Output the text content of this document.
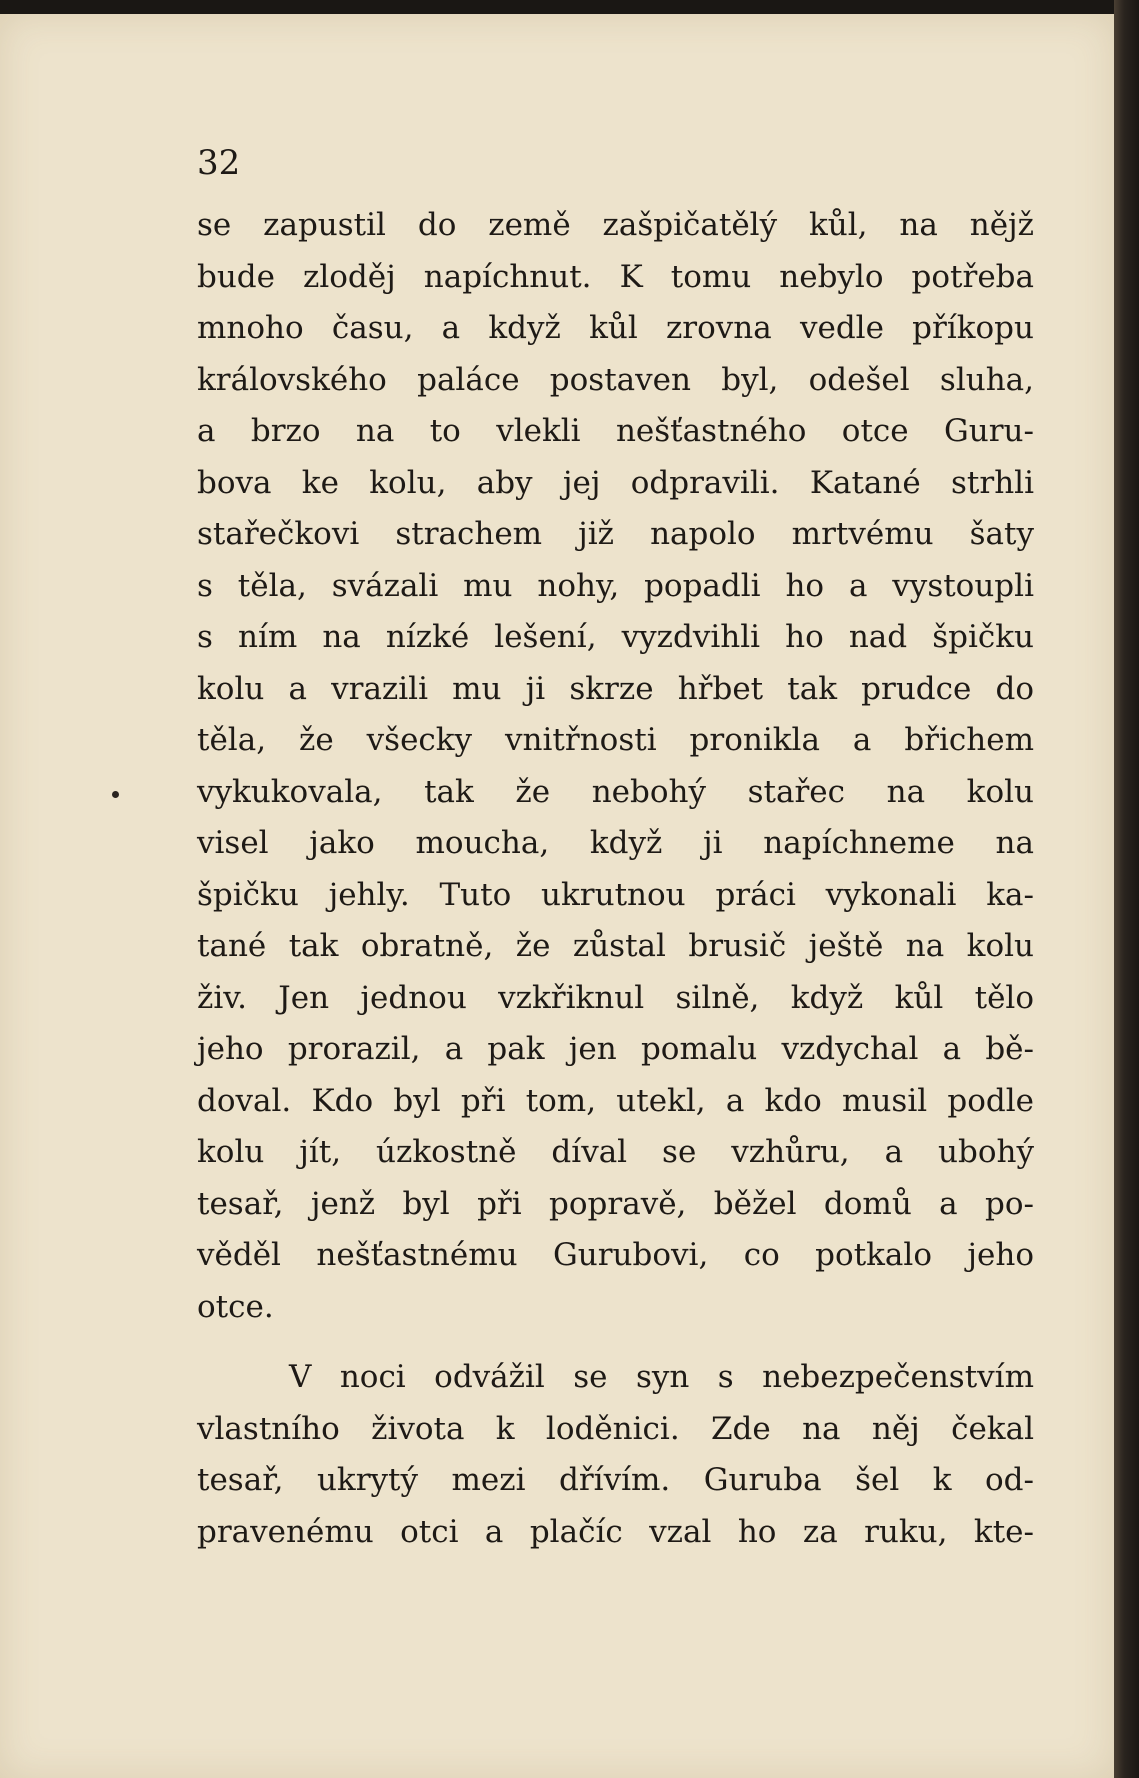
32
se zapustil do země zašpičatělý kůl, na nějž
bude zloděj napíchnut. K tomu nebylo potřeba
mnoho času, a když kůl zrovna vedle příkopu
královského paláce postaven byl, odešel sluha,
a brzo na to vlekli nešťastného otce Guru-
bova ke kolu, aby jej odpravili. Katané strhli
stařečkovi strachem již napolo mrtvému šaty
s těla, svázali mu nohy, popadli ho a vystoupli
s ním na nízké lešení, vyzdvihli ho nad špičku
kolu a vrazili mu ji skrze hřbet tak prudce do
těla, že všecky vnitřnosti pronikla a břichem
vykukovala, tak že nebohý stařec na kolu
visel jako moucha, když ji napíchneme na
špičku jehly. Tuto ukrutnou práci vykonali ka-
tané tak obratně, že zůstal brusič ještě na kolu
živ. Jen jednou vzkřiknul silně, když kůl tělo
jeho prorazil, a pak jen pomalu vzdychal a bě-
doval. Kdo byl při tom, utekl, a kdo musil podle
kolu jít, úzkostně díval se vzhůru, a ubohý
tesař, jenž byl při popravě, běžel domů a po-
věděl nešťastnému Gurubovi, co potkalo jeho
otce.
V noci odvážil se syn s nebezpečenstvím
vlastního života k loděnici. Zde na něj čekal
tesař, ukrytý mezi dřívím. Guruba šel k od-
pravenému otci a plačíc vzal ho za ruku, kte-
